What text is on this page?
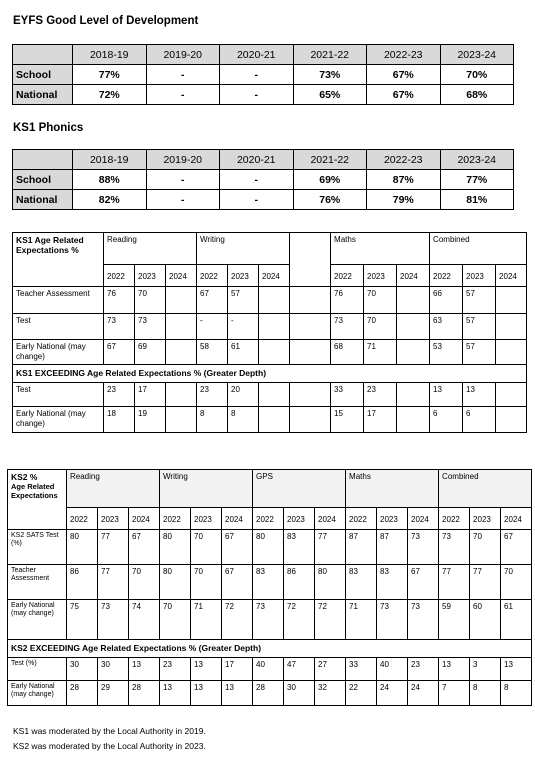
EYFS Good Level of Development
	2018-19	2019-20	2020-21	2021-22	2022-23	2023-24
School	77%	-	-	73%	67%	70%
National	72%	-	-	65%	67%	68%
KS1 Phonics
	2018-19	2019-20	2020-21	2021-22	2022-23	2023-24
School	88%	-	-	69%	87%	77%
National	82%	-	-	76%	79%	81%
KS1 Age Related Expectations %	Reading			Writing				Maths			Combined		
	2022	2023	2024	2022	2023	2024		2022	2023	2024	2022	2023	2024
Teacher Assessment	76	70		67	57			76	70		66	57	
Test	73	73		-	-			73	70		63	57	
Early National (may change)	67	69		58	61			68	71		53	57	
KS1 EXCEEDING Age Related Expectations % (Greater Depth)													
Test	23	17		23	20			33	23		13	13	
Early National (may change)	18	19		8	8			15	17		6	6	
KS2 %
Age Related Expectations	Reading			Writing			GPS			Maths			Combined		
	2022	2023	2024	2022	2023	2024	2022	2023	2024	2022	2023	2024	2022	2023	2024
KS2 SATS Test (%)	80	77	67	80	70	67	80	83	77	87	87	73	73	70	67
Teacher Assessment	86	77	70	80	70	67	83	86	80	83	83	67	77	77	70
Early National (may change)	75	73	74	70	71	72	73	72	72	71	73	73	59	60	61
KS2 EXCEEDING Age Related Expectations % (Greater Depth)															
Test (%)	30	30	13	23	13	17	40	47	27	33	40	23	13	3	13
Early National (may change)	28	29	28	13	13	13	28	30	32	22	24	24	7	8	8
KS1 was moderated by the Local Authority in 2019.
KS2 was moderated by the Local Authority in 2023.
